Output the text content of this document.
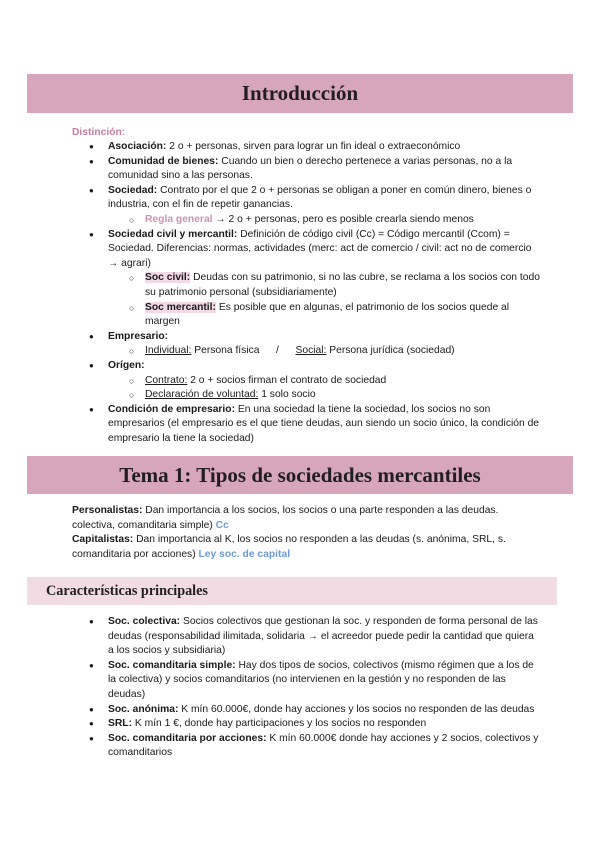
Introducción
Distinción:
● Asociación: 2 o + personas, sirven para lograr un fin ideal o extraeconómico
● Comunidad de bienes: Cuando un bien o derecho pertenece a varias personas, no a la comunidad sino a las personas.
● Sociedad: Contrato por el que 2 o + personas se obligan a poner en común dinero, bienes o industria, con el fin de repetir ganancias.
○ Regla general → 2 o + personas, pero es posible crearla siendo menos
● Sociedad civil y mercantil: Definición de código civil (Cc) = Código mercantil (Ccom) = Sociedad. Diferencias: normas, actividades (merc: act de comercio / civil: act no de comercio → agrari)
○ Soc civil: Deudas con su patrimonio, si no las cubre, se reclama a los socios con todo su patrimonio personal (subsidiariamente)
○ Soc mercantil: Es posible que en algunas, el patrimonio de los socios quede al margen
● Empresario:
○ Individual: Persona física / Social: Persona jurídica (sociedad)
● Orígen:
○ Contrato: 2 o + socios firman el contrato de sociedad
○ Declaración de voluntad: 1 solo socio
● Condición de empresario: En una sociedad la tiene la sociedad, los socios no son empresarios (el empresario es el que tiene deudas, aun siendo un socio único, la condición de empresario la tiene la sociedad)
Tema 1: Tipos de sociedades mercantiles
Personalistas: Dan importancia a los socios, los socios o una parte responden a las deudas. colectiva, comanditaria simple) Cc
Capitalistas: Dan importancia al K, los socios no responden a las deudas (s. anónima, SRL, s. comanditaria por acciones) Ley soc. de capital
Características principales
● Soc. colectiva: Socios colectivos que gestionan la soc. y responden de forma personal de las deudas (responsabilidad ilimitada, solidaria → el acreedor puede pedir la cantidad que quiera a los socios y subsidiaria)
● Soc. comanditaria simple: Hay dos tipos de socios, colectivos (mismo régimen que a los de la colectiva) y socios comanditarios (no intervienen en la gestión y no responden de las deudas)
● Soc. anónima: K mín 60.000€, donde hay acciones y los socios no responden de las deudas
● SRL: K mín 1 €, donde hay participaciones y los socios no responden
● Soc. comanditaria por acciones: K mín 60.000€ donde hay acciones y 2 socios, colectivos y comanditarios
